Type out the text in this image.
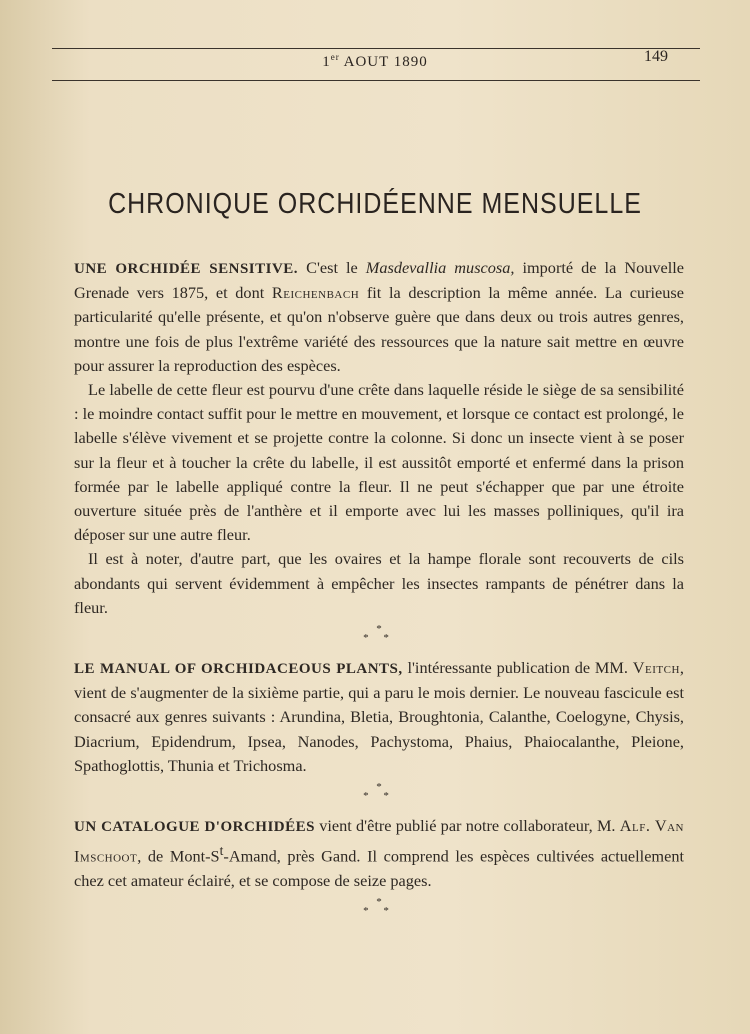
1er AOUT 1890	149
CHRONIQUE ORCHIDÉENNE MENSUELLE

UNE ORCHIDÉE SENSITIVE. C'est le Masdevallia muscosa, importé de la Nouvelle Grenade vers 1875, et dont Reichenbach fit la description la même année. La curieuse particularité qu'elle présente, et qu'on n'observe guère que dans deux ou trois autres genres, montre une fois de plus l'extrême variété des ressources que la nature sait mettre en œuvre pour assurer la reproduction des espèces.

Le labelle de cette fleur est pourvu d'une crête dans laquelle réside le siège de sa sensibilité : le moindre contact suffit pour le mettre en mouvement, et lorsque ce contact est prolongé, le labelle s'élève vivement et se projette contre la colonne. Si donc un insecte vient à se poser sur la fleur et à toucher la crête du labelle, il est aussitôt emporté et enfermé dans la prison formée par le labelle appliqué contre la fleur. Il ne peut s'échapper que par une étroite ouverture située près de l'anthère et il emporte avec lui les masses polliniques, qu'il ira déposer sur une autre fleur.

Il est à noter, d'autre part, que les ovaires et la hampe florale sont recouverts de cils abondants qui servent évidemment à empêcher les insectes rampants de pénétrer dans la fleur.

*
* *

LE MANUAL OF ORCHIDACEOUS PLANTS, l'intéressante publication de MM. Veitch, vient de s'augmenter de la sixième partie, qui a paru le mois dernier. Le nouveau fascicule est consacré aux genres suivants : Arundina, Bletia, Broughtonia, Calanthe, Coelogyne, Chysis, Diacrium, Epidendrum, Ipsea, Nanodes, Pachystoma, Phaius, Phaiocalanthe, Pleione, Spathoglottis, Thunia et Trichosma.

*
* *

UN CATALOGUE D'ORCHIDÉES vient d'être publié par notre collaborateur, M. Alf. Van Imschoot, de Mont-$S^t$-Amand, près Gand. Il comprend les espèces cultivées actuellement chez cet amateur éclairé, et se compose de seize pages.

*
* *
